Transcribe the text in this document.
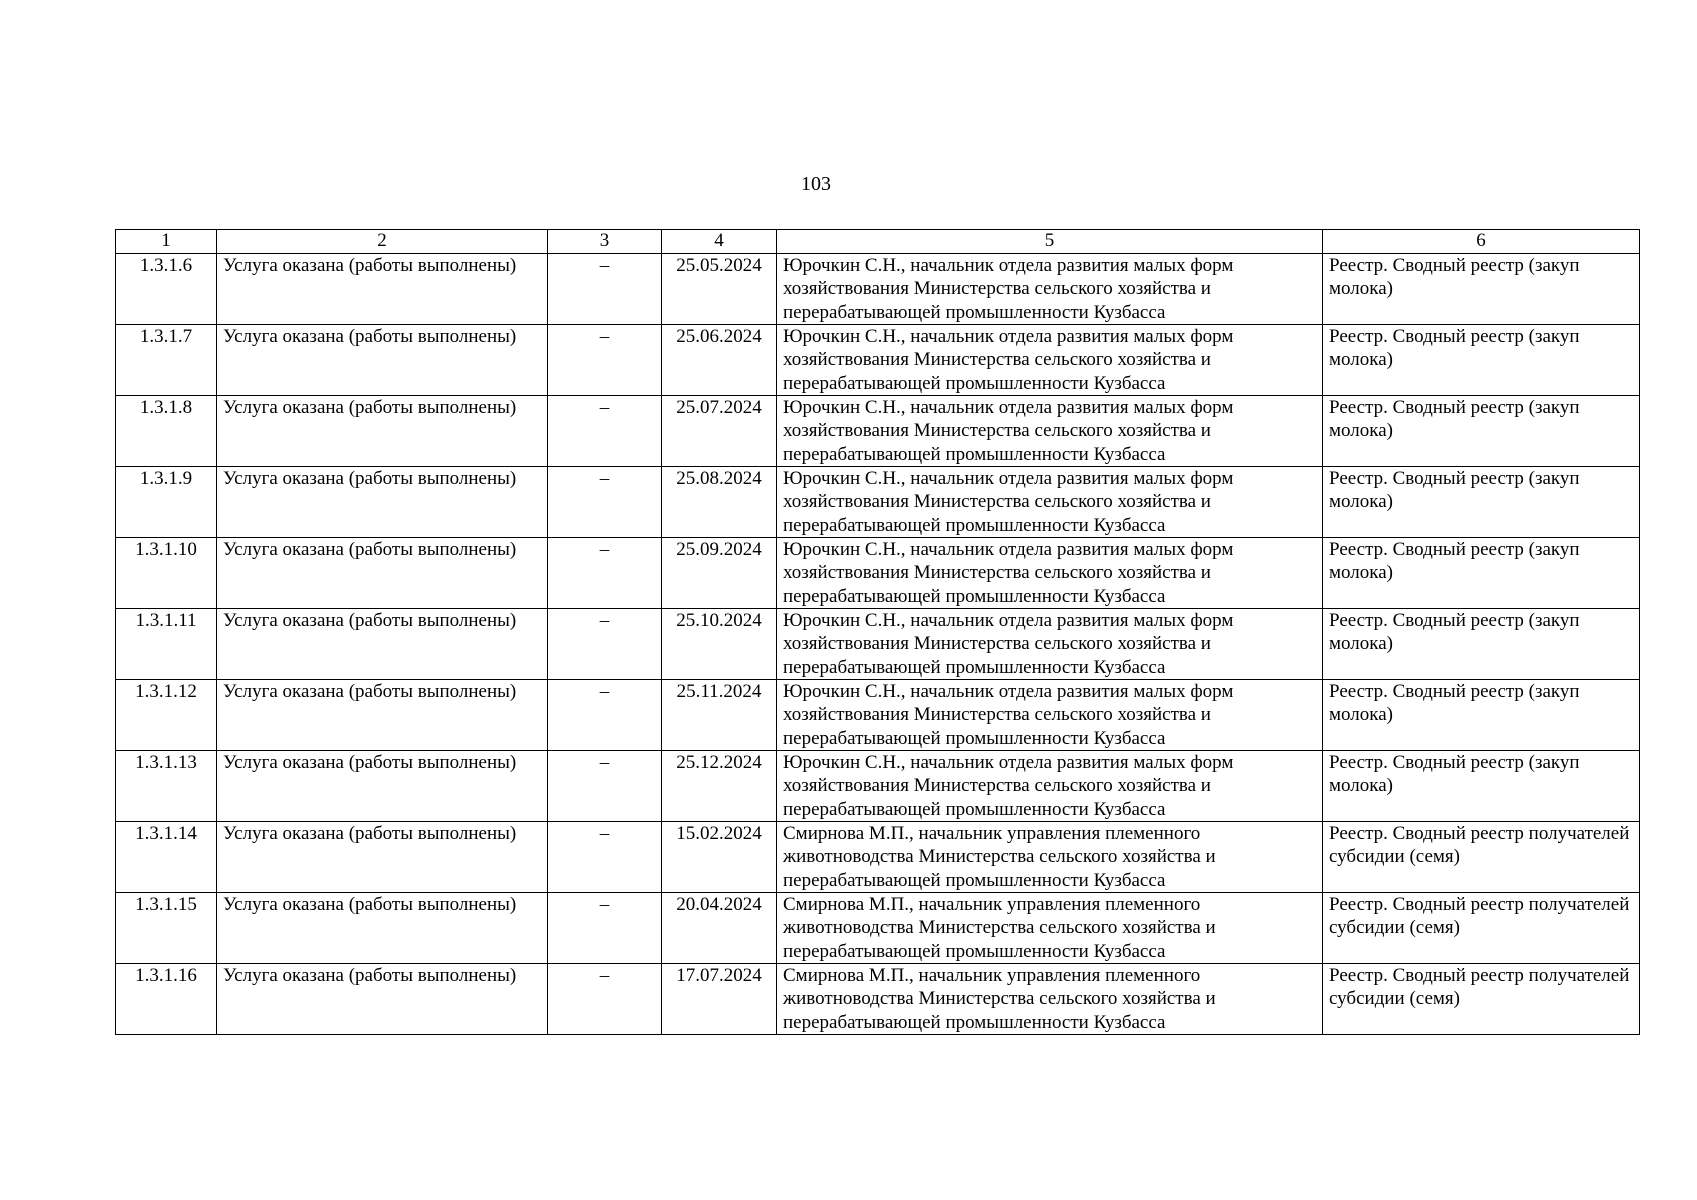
103
1	2	3	4	5	6
1.3.1.6	Услуга оказана (работы выполнены)	–	25.05.2024	Юрочкин С.Н., начальник отдела развития малых форм хозяйствования Министерства сельского хозяйства и перерабатывающей промышленности Кузбасса	Реестр. Сводный реестр (закуп молока)
1.3.1.7	Услуга оказана (работы выполнены)	–	25.06.2024	Юрочкин С.Н., начальник отдела развития малых форм хозяйствования Министерства сельского хозяйства и перерабатывающей промышленности Кузбасса	Реестр. Сводный реестр (закуп молока)
1.3.1.8	Услуга оказана (работы выполнены)	–	25.07.2024	Юрочкин С.Н., начальник отдела развития малых форм хозяйствования Министерства сельского хозяйства и перерабатывающей промышленности Кузбасса	Реестр. Сводный реестр (закуп молока)
1.3.1.9	Услуга оказана (работы выполнены)	–	25.08.2024	Юрочкин С.Н., начальник отдела развития малых форм хозяйствования Министерства сельского хозяйства и перерабатывающей промышленности Кузбасса	Реестр. Сводный реестр (закуп молока)
1.3.1.10	Услуга оказана (работы выполнены)	–	25.09.2024	Юрочкин С.Н., начальник отдела развития малых форм хозяйствования Министерства сельского хозяйства и перерабатывающей промышленности Кузбасса	Реестр. Сводный реестр (закуп молока)
1.3.1.11	Услуга оказана (работы выполнены)	–	25.10.2024	Юрочкин С.Н., начальник отдела развития малых форм хозяйствования Министерства сельского хозяйства и перерабатывающей промышленности Кузбасса	Реестр. Сводный реестр (закуп молока)
1.3.1.12	Услуга оказана (работы выполнены)	–	25.11.2024	Юрочкин С.Н., начальник отдела развития малых форм хозяйствования Министерства сельского хозяйства и перерабатывающей промышленности Кузбасса	Реестр. Сводный реестр (закуп молока)
1.3.1.13	Услуга оказана (работы выполнены)	–	25.12.2024	Юрочкин С.Н., начальник отдела развития малых форм хозяйствования Министерства сельского хозяйства и перерабатывающей промышленности Кузбасса	Реестр. Сводный реестр (закуп молока)
1.3.1.14	Услуга оказана (работы выполнены)	–	15.02.2024	Смирнова М.П., начальник управления племенного животноводства Министерства сельского хозяйства и перерабатывающей промышленности Кузбасса	Реестр. Сводный реестр получателей субсидии (семя)
1.3.1.15	Услуга оказана (работы выполнены)	–	20.04.2024	Смирнова М.П., начальник управления племенного животноводства Министерства сельского хозяйства и перерабатывающей промышленности Кузбасса	Реестр. Сводный реестр получателей субсидии (семя)
1.3.1.16	Услуга оказана (работы выполнены)	–	17.07.2024	Смирнова М.П., начальник управления племенного животноводства Министерства сельского хозяйства и перерабатывающей промышленности Кузбасса	Реестр. Сводный реестр получателей субсидии (семя)
